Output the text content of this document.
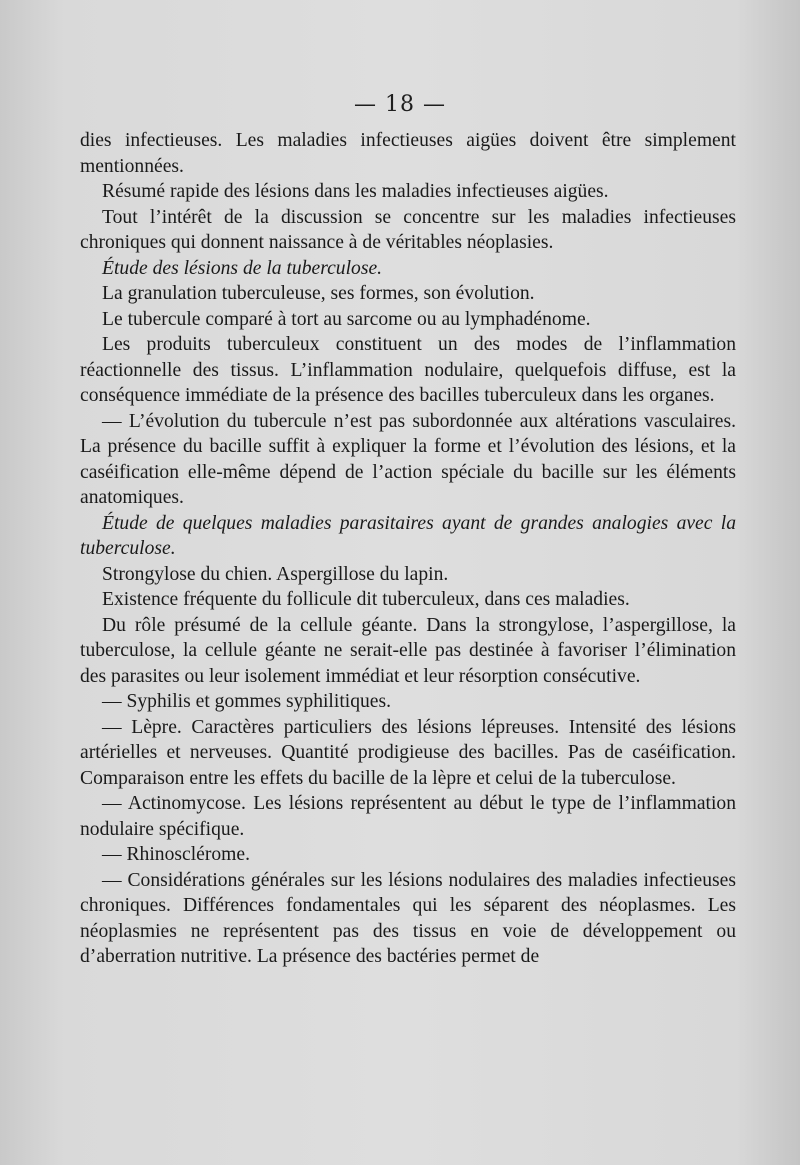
— 18 —

dies infectieuses. Les maladies infectieuses aigües doivent être simplement mentionnées.

Résumé rapide des lésions dans les maladies infectieuses aigües.

Tout l’intérêt de la discussion se concentre sur les maladies infectieuses chroniques qui donnent naissance à de véritables néoplasies.

Étude des lésions de la tuberculose.

La granulation tuberculeuse, ses formes, son évolution.

Le tubercule comparé à tort au sarcome ou au lymphadénome.

Les produits tuberculeux constituent un des modes de l’inflammation réactionnelle des tissus. L’inflammation nodulaire, quelquefois diffuse, est la conséquence immédiate de la présence des bacilles tuberculeux dans les organes.

— L’évolution du tubercule n’est pas subordonnée aux altérations vasculaires. La présence du bacille suffit à expliquer la forme et l’évolution des lésions, et la caséification elle-même dépend de l’action spéciale du bacille sur les éléments anatomiques.

Étude de quelques maladies parasitaires ayant de grandes analogies avec la tuberculose.

Strongylose du chien. Aspergillose du lapin.

Existence fréquente du follicule dit tuberculeux, dans ces maladies.

Du rôle présumé de la cellule géante. Dans la strongylose, l’aspergillose, la tuberculose, la cellule géante ne serait-elle pas destinée à favoriser l’élimination des parasites ou leur isolement immédiat et leur résorption consécutive.

— Syphilis et gommes syphilitiques.

— Lèpre. Caractères particuliers des lésions lépreuses. Intensité des lésions artérielles et nerveuses. Quantité prodigieuse des bacilles. Pas de caséification. Comparaison entre les effets du bacille de la lèpre et celui de la tuberculose.

— Actinomycose. Les lésions représentent au début le type de l’inflammation nodulaire spécifique.

— Rhinosclérome.

— Considérations générales sur les lésions nodulaires des maladies infectieuses chroniques. Différences fondamentales qui les séparent des néoplasmes. Les néoplasmies ne représentent pas des tissus en voie de développement ou d’aberration nutritive. La présence des bactéries permet de
